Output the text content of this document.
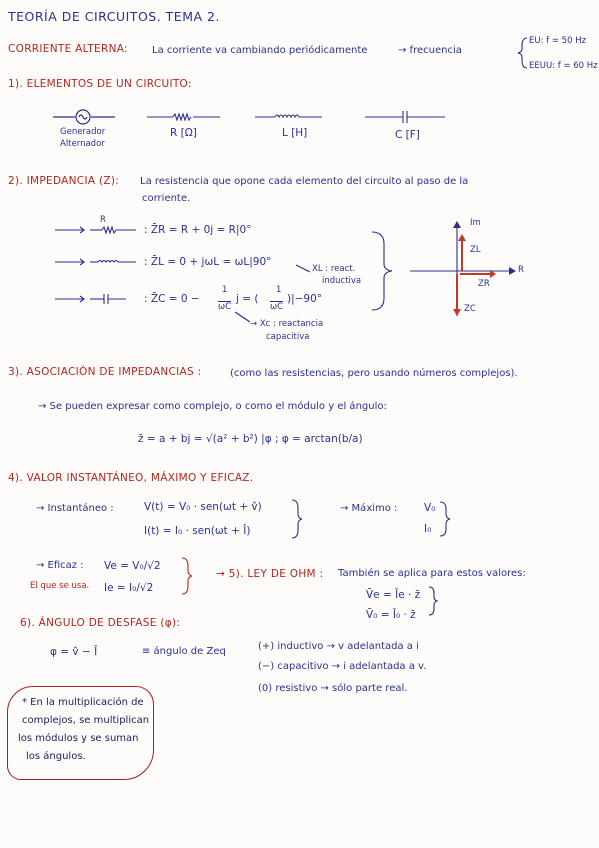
TEORÍA DE CIRCUITOS. TEMA 2.
CORRIENTE ALTERNA: La corriente va cambiando periódicamente	→ frecuencia
EU: f = 50 Hz
EEUU: f = 60 Hz
1). ELEMENTOS DE UN CIRCUITO:
Generador
Alternador
R [Ω]	L [H]	C [F]
2). IMPEDANCIA (Z): La resistencia que opone cada elemento del circuito al paso de la
corriente.
R
: Z̄R = R + 0j = R|0°
: Z̄L = 0 + jωL = ωL|90°
XL : react.
inductiva
: Z̄C = 0 −
1
ωC
j = (
1
ωC
)|−90°
→ Xc : reactancia
capacitiva
Im
R
ZL
ZR
ZC
3). ASOCIACIÓN DE IMPEDANCIAS :	(como las resistencias, pero usando números complejos).
→ Se pueden expresar como complejo, o como el módulo y el ángulo:
z̄ = a + bj = √(a² + b²) |φ ; φ = arctan(b/a)
4). VALOR INSTANTÁNEO, MÁXIMO Y EFICAZ.
→ Instantáneo :	V(t) = V₀ · sen(ωt + v̂)
I(t) = I₀ · sen(ωt + Î)
→ Máximo :	V₀
I₀
→ Eficaz : Ve = V₀/√2
El que se usa. Ie = I₀/√2
→ 5). LEY DE OHM : También se aplica para estos valores:
V̄e = Īe · z̄
V̄₀ = Ī₀ · z̄
6). ÁNGULO DE DESFASE (φ):
φ = v̂ − Î	≡ ángulo de Zeq	(+) inductivo → v adelantada a i
(−) capacitivo → i adelantada a v.
(0) resistivo → sólo parte real.
* En la multiplicación de
complejos, se multiplican
los módulos y se suman
los ángulos.
